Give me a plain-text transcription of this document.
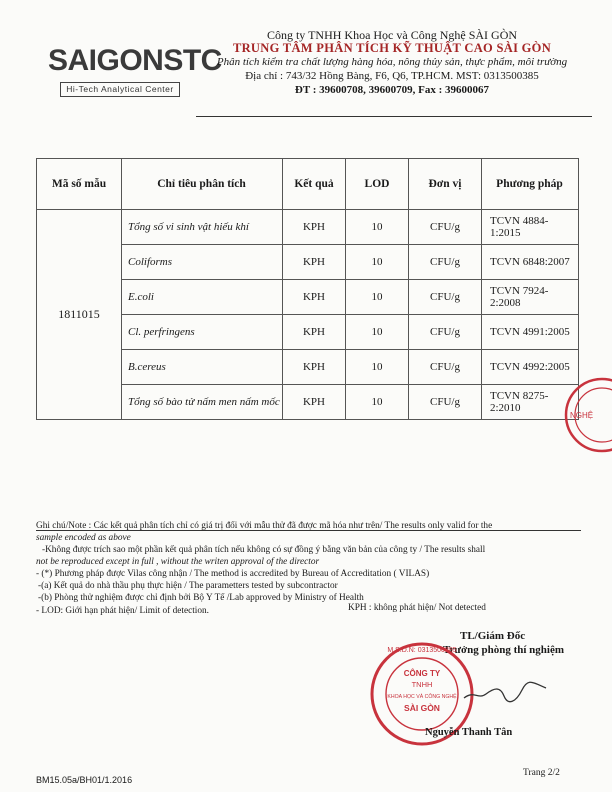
SAIGONSTC
Hi-Tech Analytical Center
Công ty TNHH Khoa Học và Công Nghệ SÀI GÒN
TRUNG TÂM PHÂN TÍCH KỸ THUẬT CAO SÀI GÒN
Phân tích kiểm tra chất lượng hàng hóa, nông thủy sản, thực phẩm, môi trường
Địa chỉ : 743/32 Hồng Bàng, F6, Q6, TP.HCM. MST: 0313500385
ĐT : 39600708, 39600709, Fax : 39600067
Mã số mẫu	Chỉ tiêu phân tích	Kết quả	LOD	Đơn vị	Phương pháp
1811015	Tổng số vi sinh vật hiếu khí	KPH	10	CFU/g	TCVN 4884-1:2015
	Coliforms	KPH	10	CFU/g	TCVN 6848:2007
	E.coli	KPH	10	CFU/g	TCVN 7924-2:2008
	Cl. perfringens	KPH	10	CFU/g	TCVN 4991:2005
	B.cereus	KPH	10	CFU/g	TCVN 4992:2005
	Tổng số bào tử nấm men nấm mốc	KPH	10	CFU/g	TCVN 8275-2:2010
NGHỆ
Ghi chú/Note : Các kết quả phân tích chỉ có giá trị đối với mẫu thử đã được mã hóa như trên/ The results only valid for the
sample encoded as above
-Không được trích sao một phần kết quả phân tích nếu không có sự đồng ý bằng văn bản của công ty / The results shall
not be reproduced except in full , without the writen approval of the director
- (*) Phương pháp được Vilas công nhận / The method is accredited by Bureau of Accreditation ( VILAS)
-(a) Kết quả do nhà thầu phụ thực hiện / The parametters tested by subcontractor
-(b) Phòng thử nghiệm được chỉ định bởi Bộ Y Tế /Lab approved by Ministry of Health
KPH : không phát hiện/ Not detected
- LOD: Giới hạn phát hiện/ Limit of detection.
TL/Giám Đốc
Trưởng phòng thí nghiệm
CÔNG TY
TNHH
KHOA HỌC VÀ CÔNG NGHỆ
SÀI GÒN
M.S.D.N: 0313500385
Nguyễn Thanh Tân
BM15.05a/BH01/1.2016
Trang 2/2
